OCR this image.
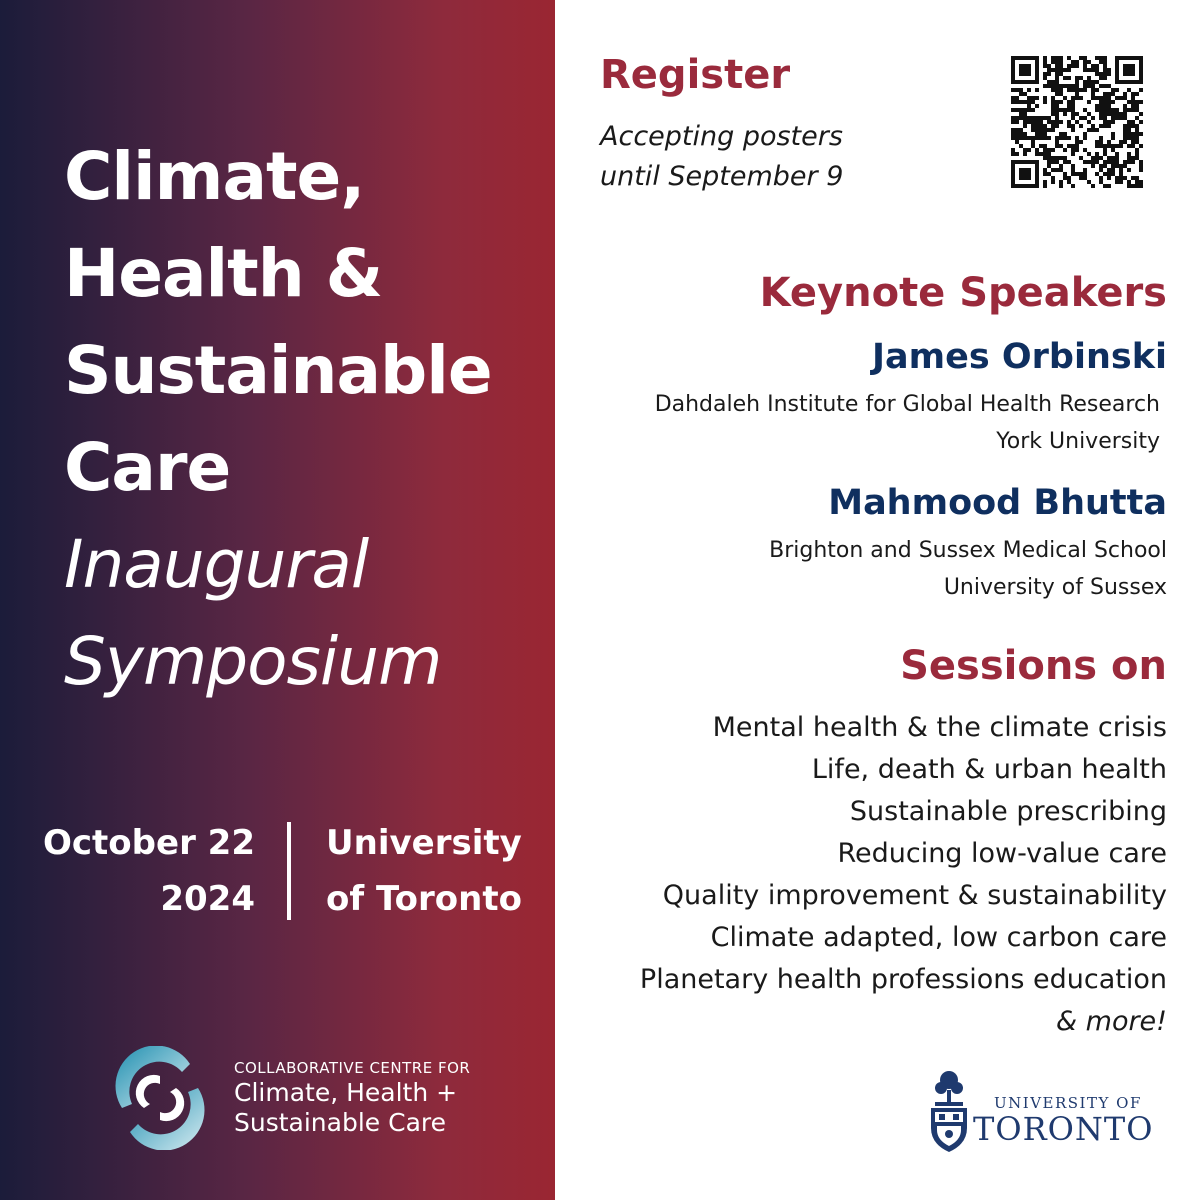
Climate,
Health &
Sustainable
Care
Inaugural
Symposium
October 22
2024
University
of Toronto
COLLABORATIVE CENTRE FOR
Climate, Health +
Sustainable Care
Register
Accepting posters
until September 9
Keynote Speakers
James Orbinski
Dahdaleh Institute for Global Health Research
York University
Mahmood Bhutta
Brighton and Sussex Medical School
University of Sussex
Sessions on
Mental health & the climate crisis
Life, death & urban health
Sustainable prescribing
Reducing low-value care
Quality improvement & sustainability
Climate adapted, low carbon care
Planetary health professions education
& more!
UNIVERSITY OF
TORONTO
